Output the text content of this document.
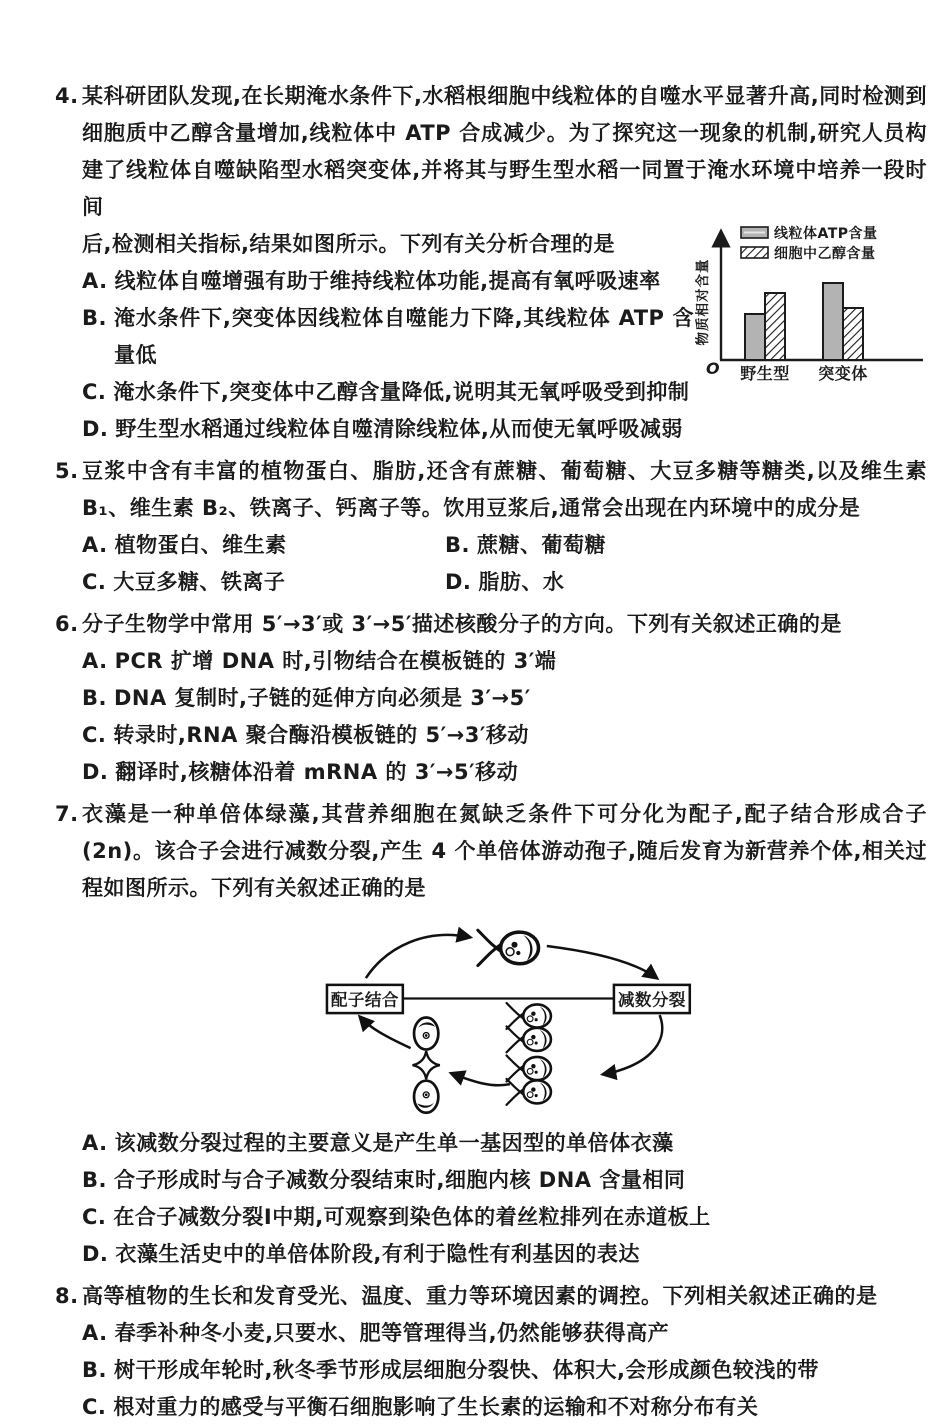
4. 某科研团队发现,在长期淹水条件下,水稻根细胞中线粒体的自噬水平显著升高,同时检测到细胞质中乙醇含量增加,线粒体中 ATP 合成减少。为了探究这一现象的机制,研究人员构建了线粒体自噬缺陷型水稻突变体,并将其与野生型水稻一同置于淹水环境中培养一段时间
后,检测相关指标,结果如图所示。下列有关分析合理的是
A. 线粒体自噬增强有助于维持线粒体功能,提高有氧呼吸速率
B. 淹水条件下,突变体因线粒体自噬能力下降,其线粒体 ATP 含量低
C. 淹水条件下,突变体中乙醇含量降低,说明其无氧呼吸受到抑制
D. 野生型水稻通过线粒体自噬清除线粒体,从而使无氧呼吸减弱
O
物质相对含量
线粒体ATP含量
细胞中乙醇含量
野生型 突变体
5. 豆浆中含有丰富的植物蛋白、脂肪,还含有蔗糖、葡萄糖、大豆多糖等糖类,以及维生素 B₁、维生素 B₂、铁离子、钙离子等。饮用豆浆后,通常会出现在内环境中的成分是
A. 植物蛋白、维生素	B. 蔗糖、葡萄糖
C. 大豆多糖、铁离子	D. 脂肪、水
6. 分子生物学中常用 5′→3′或 3′→5′描述核酸分子的方向。下列有关叙述正确的是
A. PCR 扩增 DNA 时,引物结合在模板链的 3′端
B. DNA 复制时,子链的延伸方向必须是 3′→5′
C. 转录时,RNA 聚合酶沿模板链的 5′→3′移动
D. 翻译时,核糖体沿着 mRNA 的 3′→5′移动
7. 衣藻是一种单倍体绿藻,其营养细胞在氮缺乏条件下可分化为配子,配子结合形成合子(2n)。该合子会进行减数分裂,产生 4 个单倍体游动孢子,随后发育为新营养个体,相关过程如图所示。下列有关叙述正确的是
配子结合	减数分裂
A. 该减数分裂过程的主要意义是产生单一基因型的单倍体衣藻
B. 合子形成时与合子减数分裂结束时,细胞内核 DNA 含量相同
C. 在合子减数分裂Ⅰ中期,可观察到染色体的着丝粒排列在赤道板上
D. 衣藻生活史中的单倍体阶段,有利于隐性有利基因的表达
8. 高等植物的生长和发育受光、温度、重力等环境因素的调控。下列相关叙述正确的是
A. 春季补种冬小麦,只要水、肥等管理得当,仍然能够获得高产
B. 树干形成年轮时,秋冬季节形成层细胞分裂快、体积大,会形成颜色较浅的带
C. 根对重力的感受与平衡石细胞影响了生长素的运输和不对称分布有关
